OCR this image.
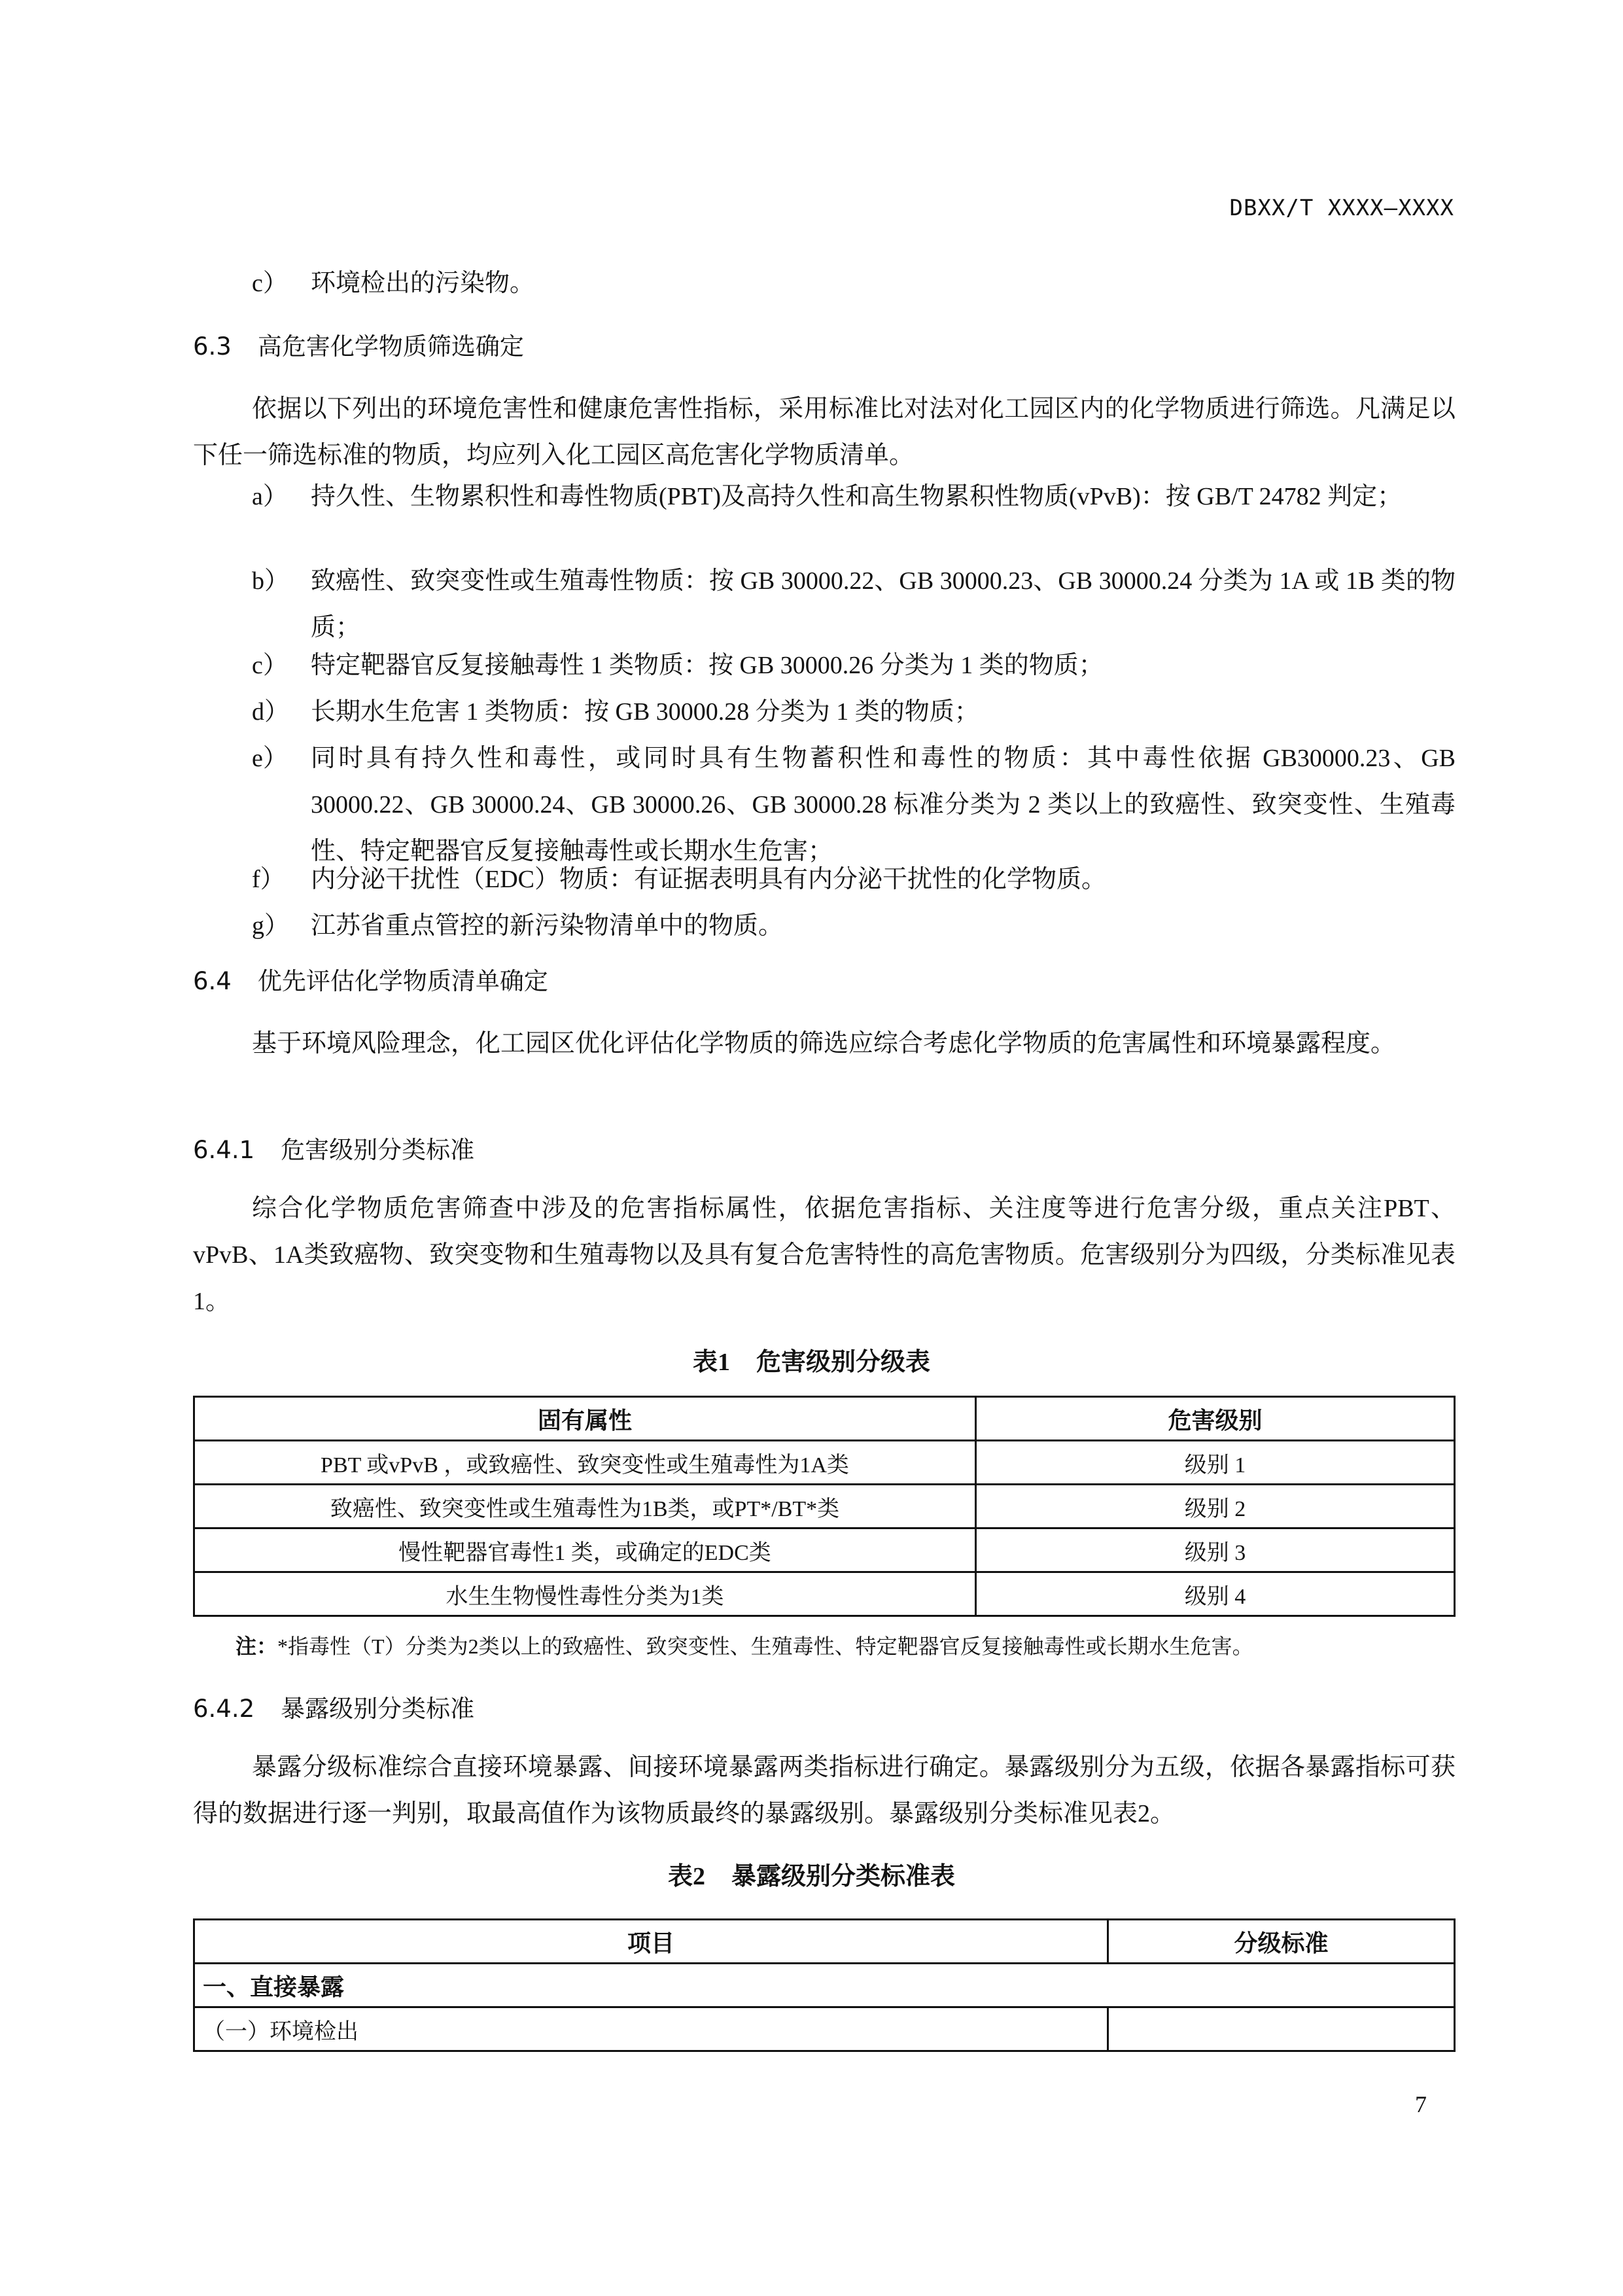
DBXX/T XXXX—XXXX
c） 环境检出的污染物。
6.3 高危害化学物质筛选确定
依据以下列出的环境危害性和健康危害性指标，采用标准比对法对化工园区内的化学物质进行筛选。凡满足以下任一筛选标准的物质，均应列入化工园区高危害化学物质清单。
a） 持久性、生物累积性和毒性物质(PBT)及高持久性和高生物累积性物质(vPvB)：按 GB/T 24782 判定；
b） 致癌性、致突变性或生殖毒性物质：按 GB 30000.22、GB 30000.23、GB 30000.24 分类为 1A 或 1B 类的物质；
c） 特定靶器官反复接触毒性 1 类物质：按 GB 30000.26 分类为 1 类的物质；
d） 长期水生危害 1 类物质：按 GB 30000.28 分类为 1 类的物质；
e） 同时具有持久性和毒性，或同时具有生物蓄积性和毒性的物质：其中毒性依据 GB30000.23、GB 30000.22、GB 30000.24、GB 30000.26、GB 30000.28 标准分类为 2 类以上的致癌性、致突变性、生殖毒性、特定靶器官反复接触毒性或长期水生危害；
f）	内分泌干扰性（EDC）物质：有证据表明具有内分泌干扰性的化学物质。
g） 江苏省重点管控的新污染物清单中的物质。
6.4 优先评估化学物质清单确定
基于环境风险理念，化工园区优化评估化学物质的筛选应综合考虑化学物质的危害属性和环境暴露程度。
6.4.1 危害级别分类标准
综合化学物质危害筛查中涉及的危害指标属性，依据危害指标、关注度等进行危害分级，重点关注PBT、vPvB、1A类致癌物、致突变物和生殖毒物以及具有复合危害特性的高危害物质。危害级别分为四级，分类标准见表1。
表1 危害级别分级表
固有属性	危害级别
PBT 或vPvB ，或致癌性、致突变性或生殖毒性为1A类	级别 1
致癌性、致突变性或生殖毒性为1B类，或PT*/BT*类	级别 2
慢性靶器官毒性1 类，或确定的EDC类	级别 3
水生生物慢性毒性分类为1类	级别 4
注：*指毒性（T）分类为2类以上的致癌性、致突变性、生殖毒性、特定靶器官反复接触毒性或长期水生危害。
6.4.2 暴露级别分类标准
暴露分级标准综合直接环境暴露、间接环境暴露两类指标进行确定。暴露级别分为五级，依据各暴露指标可获得的数据进行逐一判别，取最高值作为该物质最终的暴露级别。暴露级别分类标准见表2。
表2 暴露级别分类标准表
项目	分级标准
一、直接暴露	
（一）环境检出	
7
